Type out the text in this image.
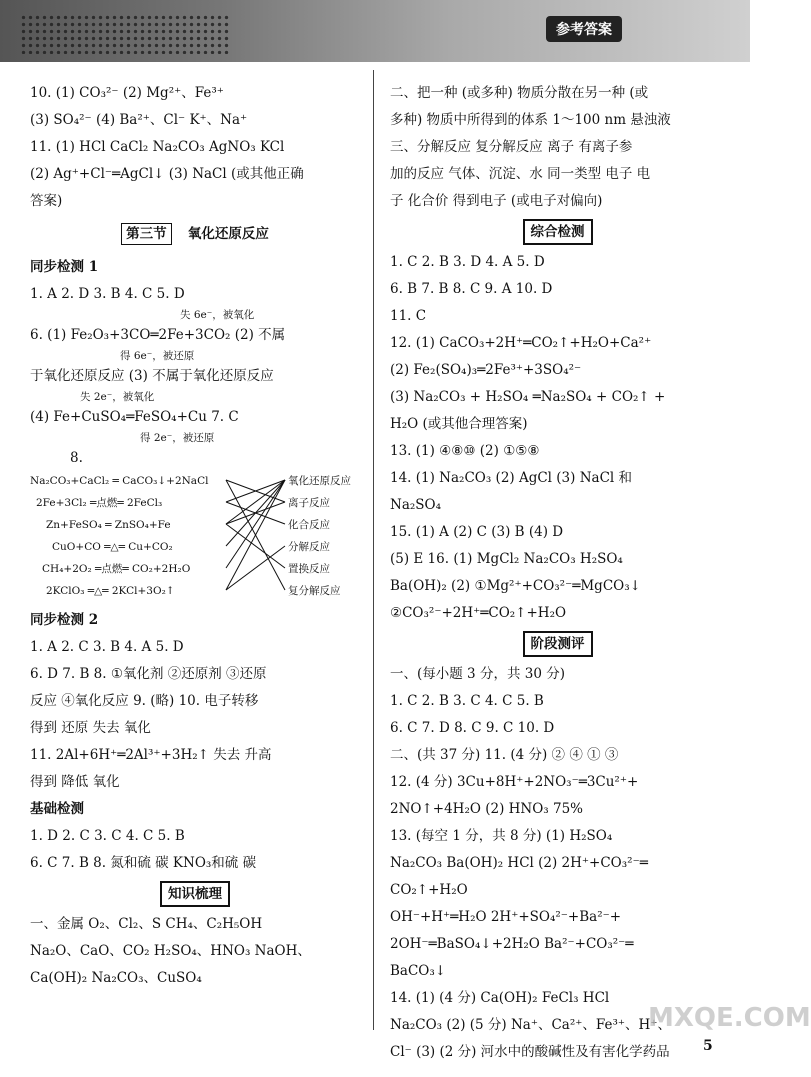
参考答案
10. (1) CO₃²⁻ (2) Mg²⁺、Fe³⁺
(3) SO₄²⁻ (4) Ba²⁺、Cl⁻ K⁺、Na⁺
11. (1) HCl CaCl₂ Na₂CO₃ AgNO₃ KCl
(2) Ag⁺+Cl⁻═AgCl↓ (3) NaCl (或其他正确
答案)
第三节 氧化还原反应
同步检测 1
1. A 2. D 3. B 4. C 5. D
失 6e⁻，被氧化
6. (1) Fe₂O₃+3CO═2Fe+3CO₂ (2) 不属
得 6e⁻，被还原
于氧化还原反应 (3) 不属于氧化还原反应
失 2e⁻，被氧化
(4) Fe+CuSO₄═FeSO₄+Cu 7. C
得 2e⁻，被还原
8.
Na₂CO₃+CaCl₂ ═ CaCO₃↓+2NaCl
2Fe+3Cl₂ ═点燃═ 2FeCl₃
Zn+FeSO₄ ═ ZnSO₄+Fe
CuO+CO ═△═ Cu+CO₂
CH₄+2O₂ ═点燃═ CO₂+2H₂O
2KClO₃ ═△═ 2KCl+3O₂↑
氧化还原反应
离子反应
化合反应
分解反应
置换反应
复分解反应
同步检测 2
1. A 2. C 3. B 4. A 5. D
6. D 7. B 8. ①氧化剂 ②还原剂 ③还原
反应 ④氧化反应 9. (略) 10. 电子转移
得到 还原 失去 氧化
11. 2Al+6H⁺═2Al³⁺+3H₂↑ 失去 升高
得到 降低 氧化
基础检测
1. D 2. C 3. C 4. C 5. B
6. C 7. B 8. 氮和硫 碳 KNO₃和硫 碳
知识梳理
一、金属 O₂、Cl₂、S CH₄、C₂H₅OH
Na₂O、CaO、CO₂ H₂SO₄、HNO₃ NaOH、
Ca(OH)₂ Na₂CO₃、CuSO₄
二、把一种 (或多种) 物质分散在另一种 (或
多种) 物质中所得到的体系 1～100 nm 悬浊液
三、分解反应 复分解反应 离子 有离子参
加的反应 气体、沉淀、水 同一类型 电子 电
子 化合价 得到电子 (或电子对偏向)
综合检测
1. C 2. B 3. D 4. A 5. D
6. B 7. B 8. C 9. A 10. D
11. C
12. (1) CaCO₃+2H⁺═CO₂↑+H₂O+Ca²⁺
(2) Fe₂(SO₄)₃═2Fe³⁺+3SO₄²⁻
(3) Na₂CO₃ + H₂SO₄ ═Na₂SO₄ + CO₂↑ +
H₂O (或其他合理答案)
13. (1) ④⑧⑩ (2) ①⑤⑧
14. (1) Na₂CO₃ (2) AgCl (3) NaCl 和
Na₂SO₄
15. (1) A (2) C (3) B (4) D
(5) E 16. (1) MgCl₂ Na₂CO₃ H₂SO₄
Ba(OH)₂ (2) ①Mg²⁺+CO₃²⁻═MgCO₃↓
②CO₃²⁻+2H⁺═CO₂↑+H₂O
阶段测评
一、(每小题 3 分，共 30 分)
1. C 2. B 3. C 4. C 5. B
6. C 7. D 8. C 9. C 10. D
二、(共 37 分) 11. (4 分) ② ④ ① ③
12. (4 分) 3Cu+8H⁺+2NO₃⁻═3Cu²⁺+
2NO↑+4H₂O (2) HNO₃ 75%
13. (每空 1 分，共 8 分) (1) H₂SO₄
Na₂CO₃ Ba(OH)₂ HCl (2) 2H⁺+CO₃²⁻═
CO₂↑+H₂O
OH⁻+H⁺═H₂O 2H⁺+SO₄²⁻+Ba²⁻+
2OH⁻═BaSO₄↓+2H₂O Ba²⁻+CO₃²⁻═
BaCO₃↓
14. (1) (4 分) Ca(OH)₂ FeCl₃ HCl
Na₂CO₃ (2) (5 分) Na⁺、Ca²⁺、Fe³⁺、H⁺、
Cl⁻ (3) (2 分) 河水中的酸碱性及有害化学药品
MXQE.COM
5
